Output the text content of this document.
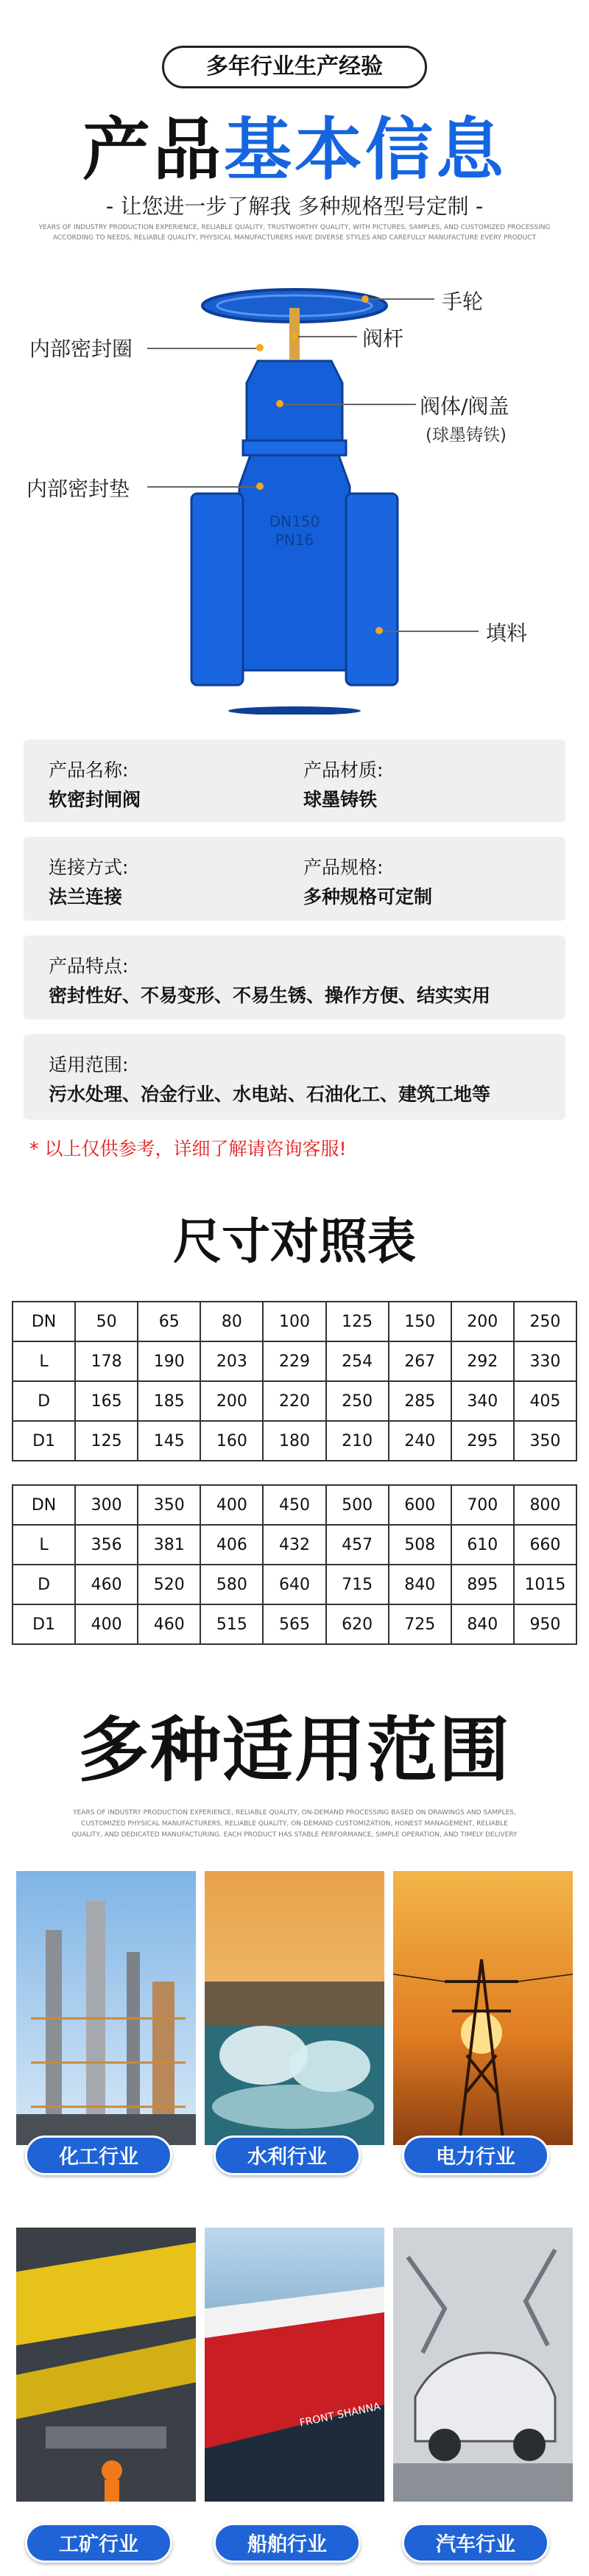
多年行业生产经验
产品基本信息
- 让您进一步了解我 多种规格型号定制 -
YEARS OF INDUSTRY PRODUCTION EXPERIENCE, RELIABLE QUALITY, TRUSTWORTHY QUALITY, WITH PICTURES, SAMPLES, AND CUSTOMIZED PROCESSING
ACCORDING TO NEEDS, RELIABLE QUALITY, PHYSICAL MANUFACTURERS HAVE DIVERSE STYLES AND CAREFULLY MANUFACTURE EVERY PRODUCT
DN150
PN16
手轮
阀杆
内部密封圈
阀体/阀盖
(球墨铸铁)
内部密封垫
填料
产品名称:
软密封闸阀
产品材质:
球墨铸铁
连接方式:
法兰连接
产品规格:
多种规格可定制
产品特点:
密封性好、不易变形、不易生锈、操作方便、结实实用
适用范围:
污水处理、冶金行业、水电站、石油化工、建筑工地等
* 以上仅供参考，详细了解请咨询客服!
尺寸对照表
DN	50	65	80	100	125	150	200	250
L	178	190	203	229	254	267	292	330
D	165	185	200	220	250	285	340	405
D1	125	145	160	180	210	240	295	350
DN	300	350	400	450	500	600	700	800
L	356	381	406	432	457	508	610	660
D	460	520	580	640	715	840	895	1015
D1	400	460	515	565	620	725	840	950
多种适用范围
YEARS OF INDUSTRY PRODUCTION EXPERIENCE, RELIABLE QUALITY, ON-DEMAND PROCESSING BASED ON DRAWINGS AND SAMPLES,
CUSTOMIZED PHYSICAL MANUFACTURERS, RELIABLE QUALITY, ON-DEMAND CUSTOMIZATION, HONEST MANAGEMENT, RELIABLE
QUALITY, AND DEDICATED MANUFACTURING. EACH PRODUCT HAS STABLE PERFORMANCE, SIMPLE OPERATION, AND TIMELY DELIVERY
FRONT SHANNA
化工行业	水利行业	电力行业
工矿行业	船舶行业	汽车行业
